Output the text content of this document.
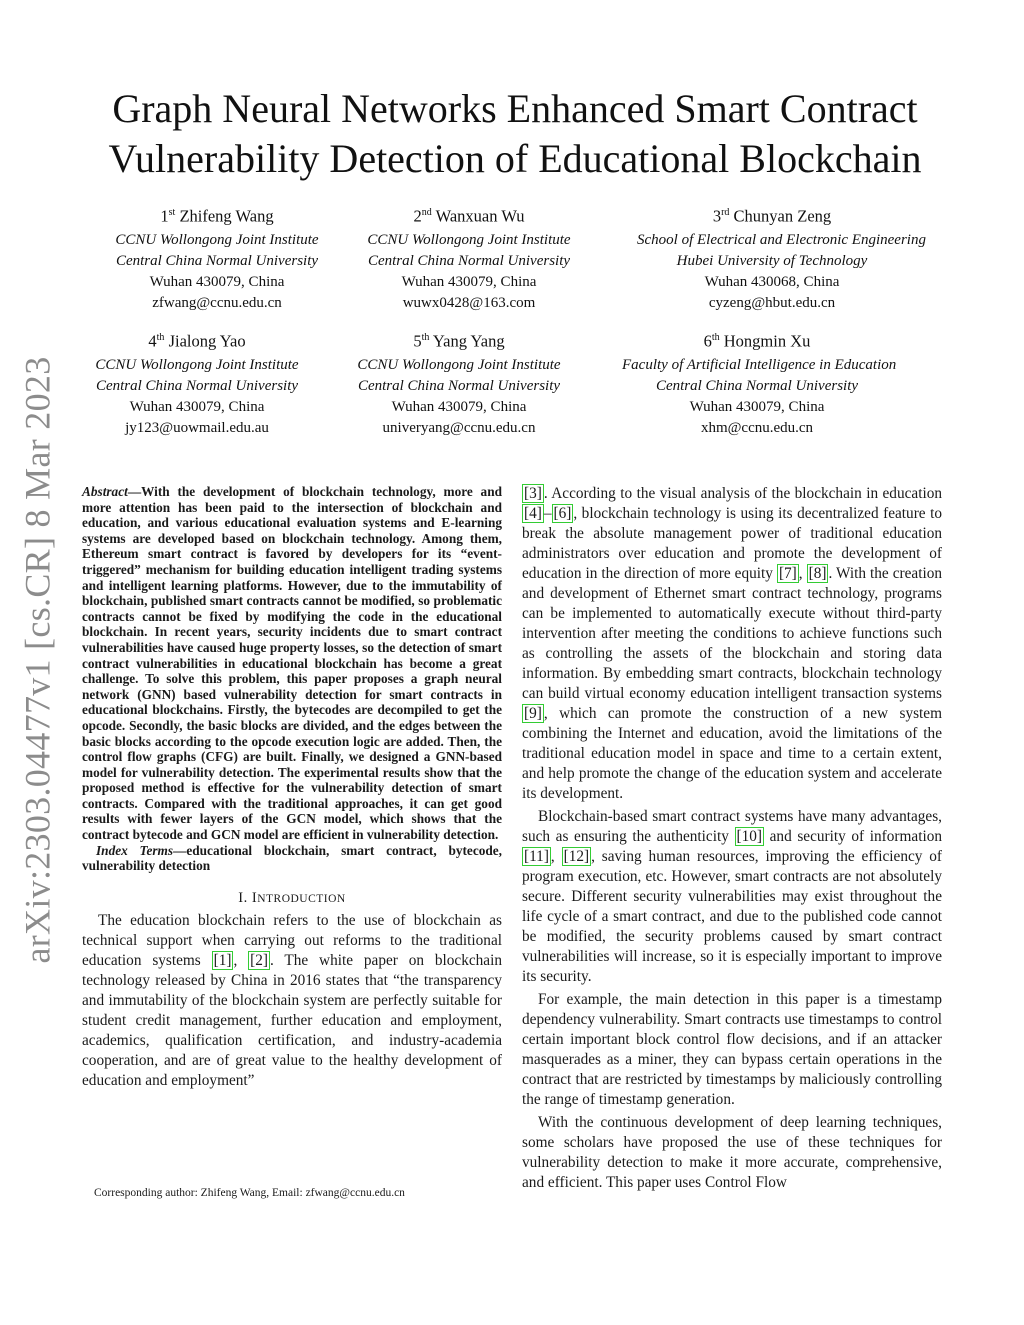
arXiv:2303.04477v1 [cs.CR] 8 Mar 2023
Graph Neural Networks Enhanced Smart Contract Vulnerability Detection of Educational Blockchain
1st Zhifeng Wang
CCNU Wollongong Joint Institute
Central China Normal University
Wuhan 430079, China
zfwang@ccnu.edu.cn
2nd Wanxuan Wu
CCNU Wollongong Joint Institute
Central China Normal University
Wuhan 430079, China
wuwx0428@163.com
3rd Chunyan Zeng
School of Electrical and Electronic Engineering
Hubei University of Technology
Wuhan 430068, China
cyzeng@hbut.edu.cn
4th Jialong Yao
CCNU Wollongong Joint Institute
Central China Normal University
Wuhan 430079, China
jy123@uowmail.edu.au
5th Yang Yang
CCNU Wollongong Joint Institute
Central China Normal University
Wuhan 430079, China
univeryang@ccnu.edu.cn
6th Hongmin Xu
Faculty of Artificial Intelligence in Education
Central China Normal University
Wuhan 430079, China
xhm@ccnu.edu.cn

Abstract—With the development of blockchain technology, more and more attention has been paid to the intersection of blockchain and education, and various educational evaluation systems and E-learning systems are developed based on blockchain technology. Among them, Ethereum smart contract is favored by developers for its “event-triggered” mechanism for building education intelligent trading systems and intelligent learning platforms. However, due to the immutability of blockchain, published smart contracts cannot be modified, so problematic contracts cannot be fixed by modifying the code in the educational blockchain. In recent years, security incidents due to smart contract vulnerabilities have caused huge property losses, so the detection of smart contract vulnerabilities in educational blockchain has become a great challenge. To solve this problem, this paper proposes a graph neural network (GNN) based vulnerability detection for smart contracts in educational blockchains. Firstly, the bytecodes are decompiled to get the opcode. Secondly, the basic blocks are divided, and the edges between the basic blocks according to the opcode execution logic are added. Then, the control flow graphs (CFG) are built. Finally, we designed a GNN-based model for vulnerability detection. The experimental results show that the proposed method is effective for the vulnerability detection of smart contracts. Compared with the traditional approaches, it can get good results with fewer layers of the GCN model, which shows that the contract bytecode and GCN model are efficient in vulnerability detection.

Index Terms—educational blockchain, smart contract, bytecode, vulnerability detection

I. INTRODUCTION

The education blockchain refers to the use of blockchain as technical support when carrying out reforms to the traditional education systems [1] , [2] . The white paper on blockchain technology released by China in 2016 states that “the transparency and immutability of the blockchain system are perfectly suitable for student credit management, further education and employment, academics, qualification certification, and industry-academia cooperation, and are of great value to the healthy development of education and employment”

[3] . According to the visual analysis of the blockchain in education [4] – [6] , blockchain technology is using its decentralized feature to break the absolute management power of traditional education administrators over education and promote the development of education in the direction of more equity [7] , [8] . With the creation and development of Ethernet smart contract technology, programs can be implemented to automatically execute without third-party intervention after meeting the conditions to achieve functions such as controlling the assets of the blockchain and storing data information. By embedding smart contracts, blockchain technology can build virtual economy education intelligent transaction systems [9] , which can promote the construction of a new system combining the Internet and education, avoid the limitations of the traditional education model in space and time to a certain extent, and help promote the change of the education system and accelerate its development.

Blockchain-based smart contract systems have many advantages, such as ensuring the authenticity [10] and security of information [11] , [12] , saving human resources, improving the efficiency of program execution, etc. However, smart contracts are not absolutely secure. Different security vulnerabilities may exist throughout the life cycle of a smart contract, and due to the published code cannot be modified, the security problems caused by smart contract vulnerabilities will increase, so it is especially important to improve its security.

For example, the main detection in this paper is a timestamp dependency vulnerability. Smart contracts use timestamps to control certain important block control flow decisions, and if an attacker masquerades as a miner, they can bypass certain operations in the contract that are restricted by timestamps by maliciously controlling the range of timestamp generation.

With the continuous development of deep learning techniques, some scholars have proposed the use of these techniques for vulnerability detection to make it more accurate, comprehensive, and efficient. This paper uses Control Flow

Corresponding author: Zhifeng Wang, Email: zfwang@ccnu.edu.cn
